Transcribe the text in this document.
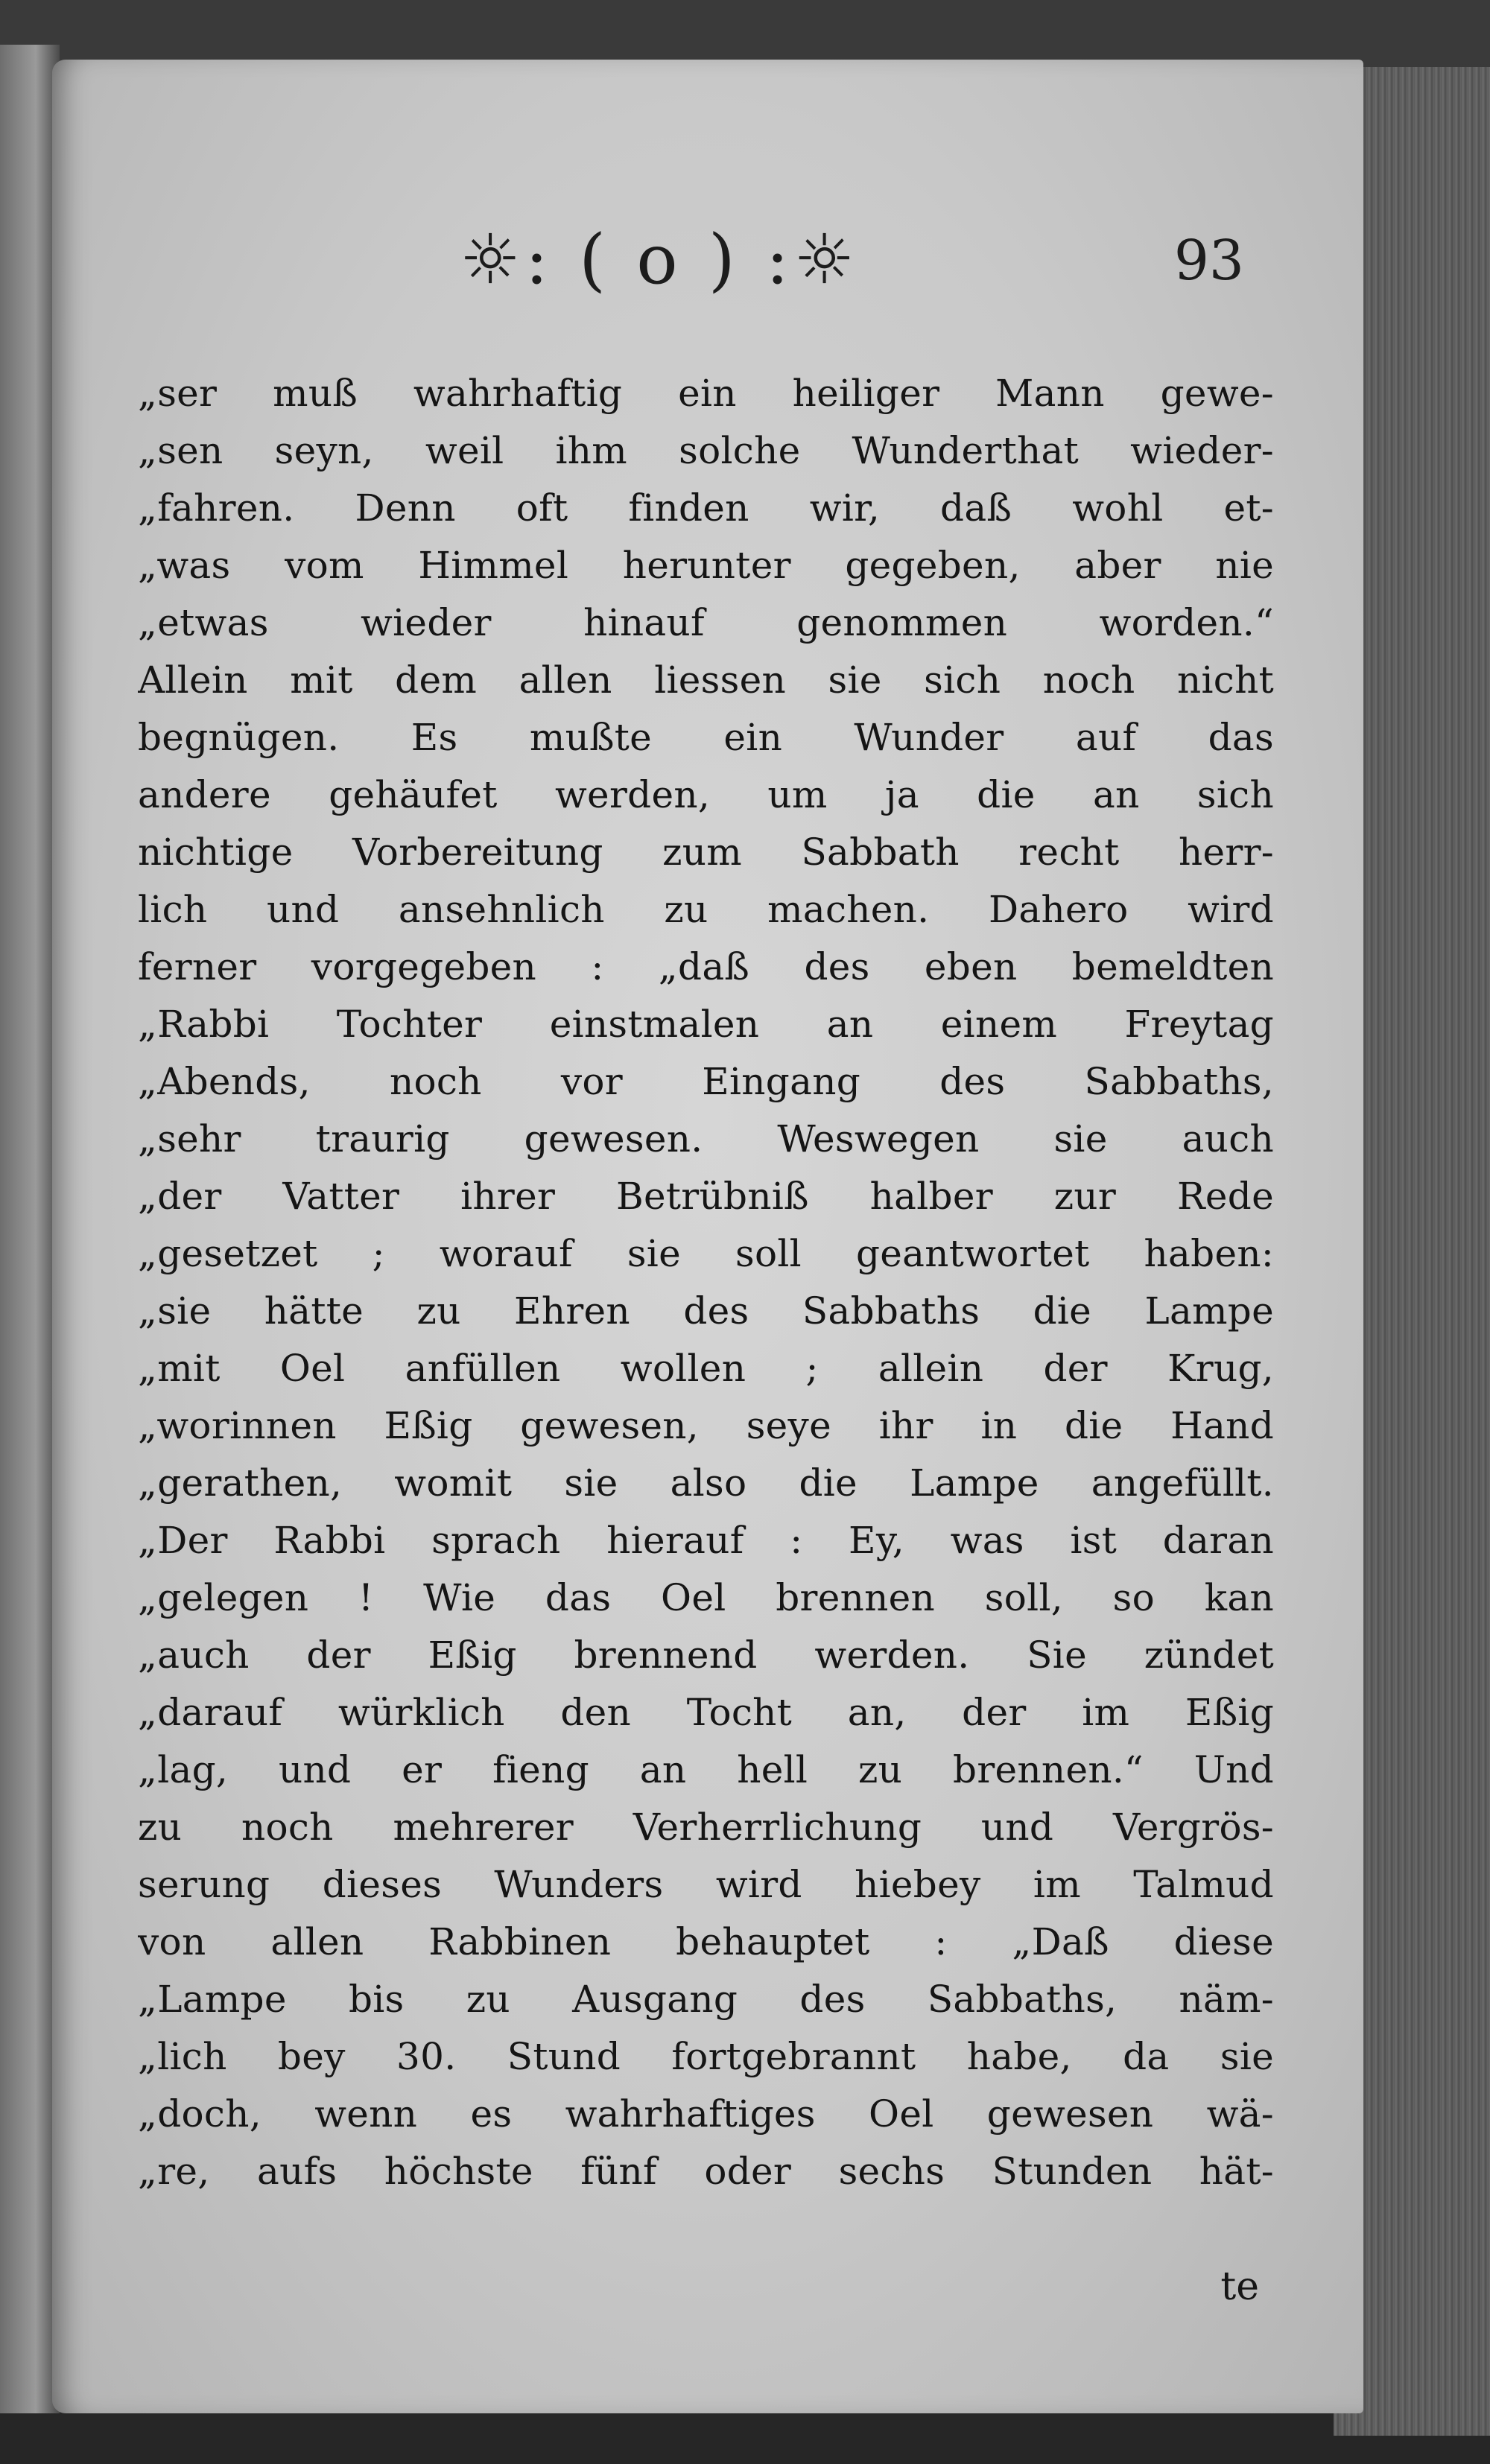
☼: ( o ) :☼	93
„ser muß wahrhaftig ein heiliger Mann gewe-
„sen seyn, weil ihm solche Wunderthat wieder-
„fahren. Denn oft finden wir, daß wohl et-
„was vom Himmel herunter gegeben, aber nie
„etwas wieder hinauf genommen worden.“
Allein mit dem allen liessen sie sich noch nicht
begnügen. Es mußte ein Wunder auf das
andere gehäufet werden, um ja die an sich
nichtige Vorbereitung zum Sabbath recht herr-
lich und ansehnlich zu machen. Dahero wird
ferner vorgegeben : „daß des eben bemeldten
„Rabbi Tochter einstmalen an einem Freytag
„Abends, noch vor Eingang des Sabbaths,
„sehr traurig gewesen. Weswegen sie auch
„der Vatter ihrer Betrübniß halber zur Rede
„gesetzet ; worauf sie soll geantwortet haben:
„sie hätte zu Ehren des Sabbaths die Lampe
„mit Oel anfüllen wollen ; allein der Krug,
„worinnen Eßig gewesen, seye ihr in die Hand
„gerathen, womit sie also die Lampe angefüllt.
„Der Rabbi sprach hierauf : Ey, was ist daran
„gelegen ! Wie das Oel brennen soll, so kan
„auch der Eßig brennend werden. Sie zündet
„darauf würklich den Tocht an, der im Eßig
„lag, und er fieng an hell zu brennen.“ Und
zu noch mehrerer Verherrlichung und Vergrös-
serung dieses Wunders wird hiebey im Talmud
von allen Rabbinen behauptet : „Daß diese
„Lampe bis zu Ausgang des Sabbaths, näm-
„lich bey 30. Stund fortgebrannt habe, da sie
„doch, wenn es wahrhaftiges Oel gewesen wä-
„re, aufs höchste fünf oder sechs Stunden hät-
te
